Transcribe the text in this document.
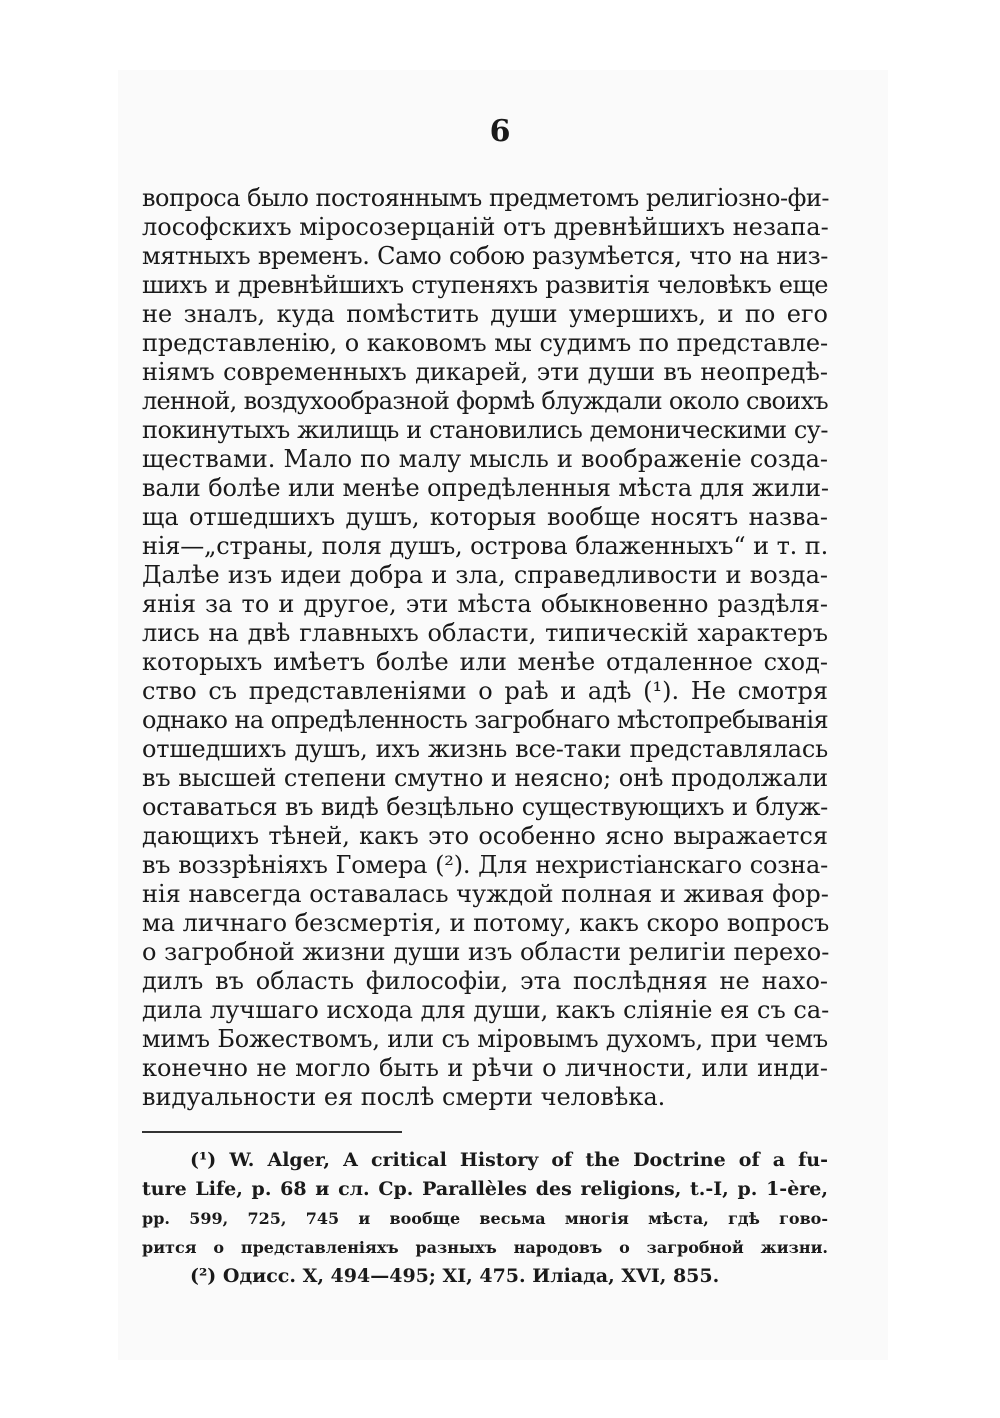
6
вопроса было постояннымъ предметомъ религіозно-фи-
лософскихъ міросозерцаній отъ древнѣйшихъ незапа-
мятныхъ временъ. Само собою разумѣется, что на низ-
шихъ и древнѣйшихъ ступеняхъ развитія человѣкъ еще
не зналъ, куда помѣстить души умершихъ, и по его
представленію, о каковомъ мы судимъ по представле-
ніямъ современныхъ дикарей, эти души въ неопредѣ-
ленной, воздухообразной формѣ блуждали около своихъ
покинутыхъ жилищь и становились демоническими су-
ществами. Мало по малу мысль и воображеніе созда-
вали болѣе или менѣе опредѣленныя мѣста для жили-
ща отшедшихъ душъ, которыя вообще носятъ назва-
нія—„страны, поля душъ, острова блаженныхъ“ и т. п.
Далѣе изъ идеи добра и зла, справедливости и возда-
янія за то и другое, эти мѣста обыкновенно раздѣля-
лись на двѣ главныхъ области, типическій характеръ
которыхъ имѣетъ болѣе или менѣе отдаленное сход-
ство съ представленіями о раѣ и адѣ (¹). Не смотря
однако на опредѣленность загробнаго мѣстопребыванія
отшедшихъ душъ, ихъ жизнь все-таки представлялась
въ высшей степени смутно и неясно; онѣ продолжали
оставаться въ видѣ безцѣльно существующихъ и блуж-
дающихъ тѣней, какъ это особенно ясно выражается
въ воззрѣніяхъ Гомера (²). Для нехристіанскаго созна-
нія навсегда оставалась чуждой полная и живая фор-
ма личнаго безсмертія, и потому, какъ скоро вопросъ
о загробной жизни души изъ области религіи перехо-
дилъ въ область философіи, эта послѣдняя не нахо-
дила лучшаго исхода для души, какъ сліяніе ея съ са-
мимъ Божествомъ, или съ міровымъ духомъ, при чемъ
конечно не могло быть и рѣчи о личности, или инди-
видуальности ея послѣ смерти человѣка.
(¹) W. Alger, A critical History of the Doctrine of a fu-
ture Life, p. 68 и сл. Cp. Parallèles des religions, t.-I, p. 1-ère,
pp. 599, 725, 745 и вообще весьма многія мѣста, гдѣ гово-
рится о представленіяхъ разныхъ народовъ о загробной жизни.
(²) Одисс. X, 494—495; XI, 475. Иліада, XVI, 855.
